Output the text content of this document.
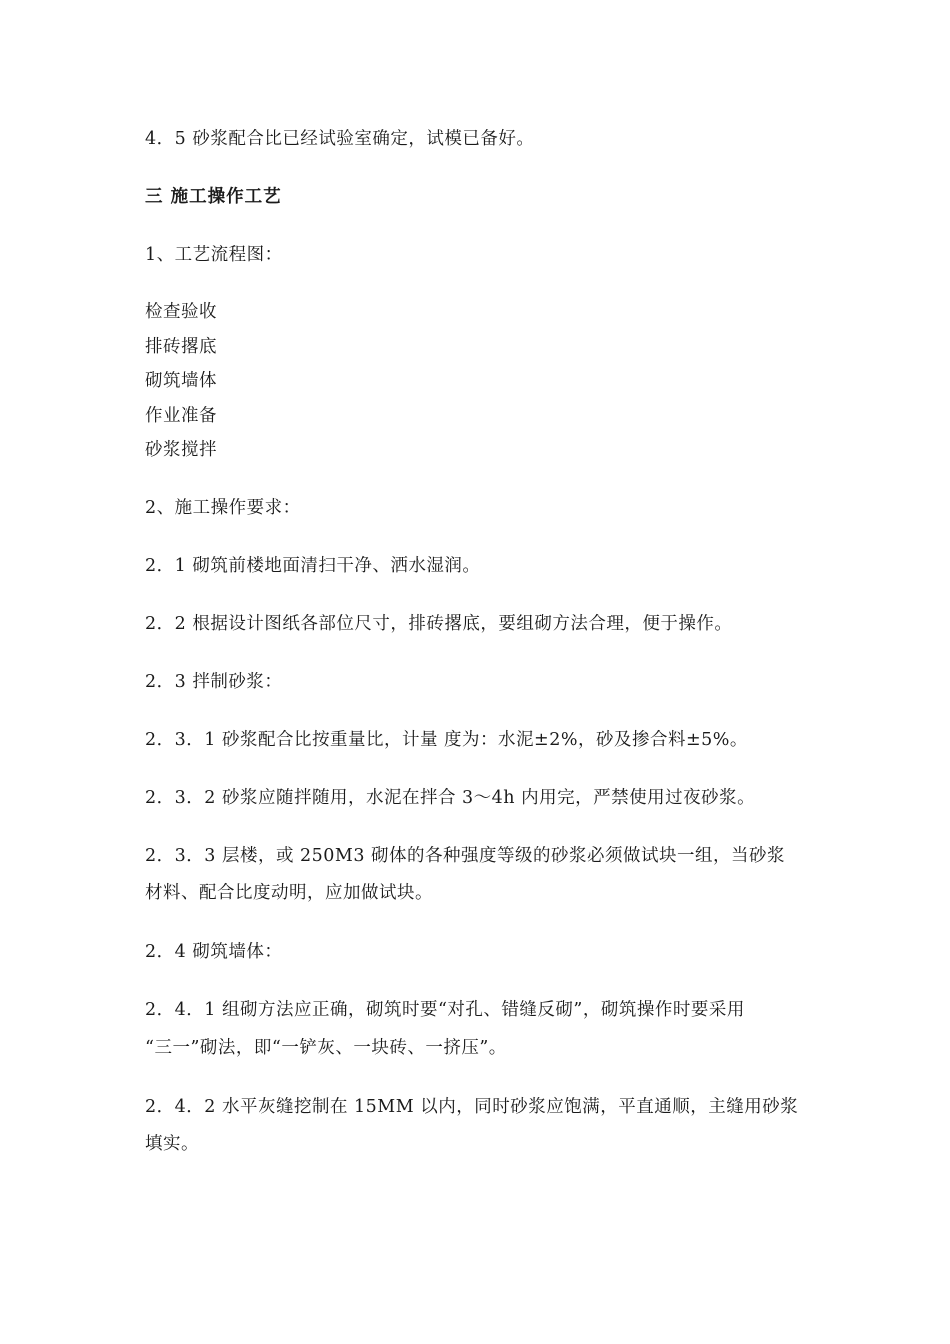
4．5 砂浆配合比已经试验室确定，试模已备好。
三 施工操作工艺
1、工艺流程图：
检查验收
排砖撂底
砌筑墙体
作业准备
砂浆搅拌
2、施工操作要求：
2．1 砌筑前楼地面清扫干净、洒水湿润。
2．2 根据设计图纸各部位尺寸，排砖撂底，要组砌方法合理，便于操作。
2．3 拌制砂浆：
2．3．1 砂浆配合比按重量比，计量 度为：水泥±2%，砂及掺合料±5%。
2．3．2 砂浆应随拌随用，水泥在拌合 3～4h 内用完，严禁使用过夜砂浆。
2．3．3 层楼，或 250M3 砌体的各种强度等级的砂浆必须做试块一组，当砂浆
材料、配合比度动明，应加做试块。
2．4 砌筑墙体：
2．4．1 组砌方法应正确，砌筑时要“对孔、错缝反砌”，砌筑操作时要采用
“三一”砌法，即“一铲灰、一块砖、一挤压”。
2．4．2 水平灰缝挖制在 15MM 以内，同时砂浆应饱满，平直通顺，主缝用砂浆
填实。
